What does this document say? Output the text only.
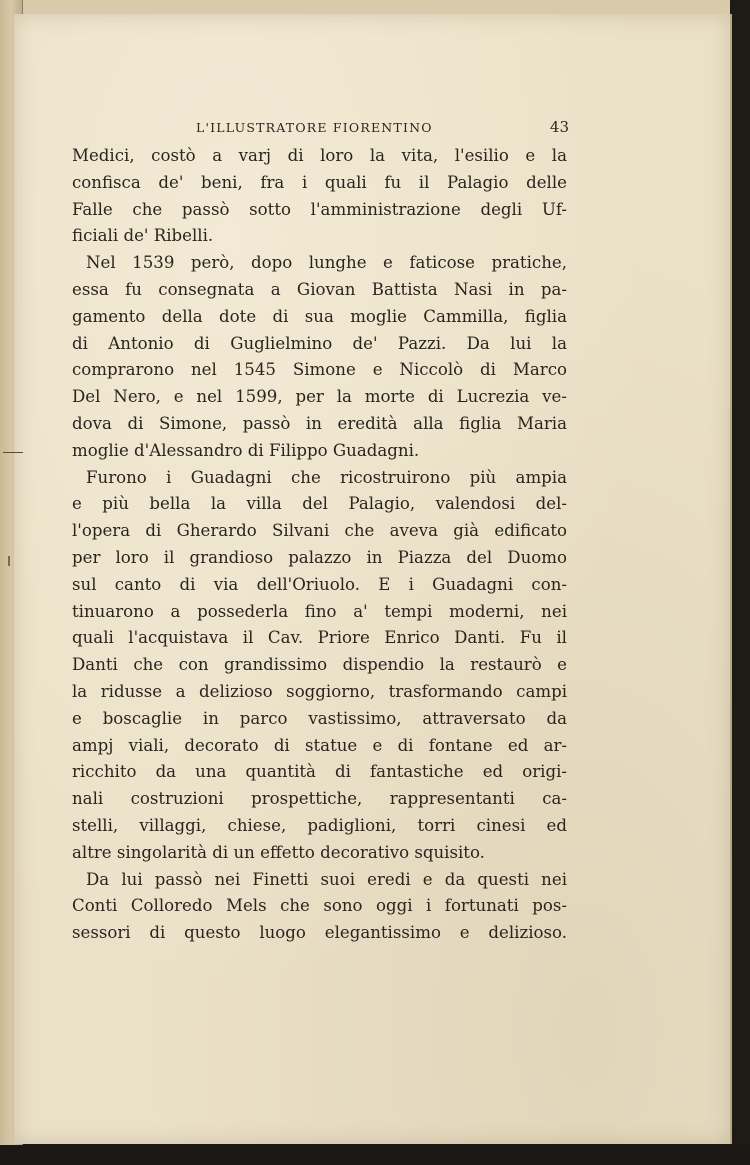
L'ILLUSTRATORE FIORENTINO	43
Medici, costò a varj di loro la vita, l'esilio e la
confisca de' beni, fra i quali fu il Palagio delle
Falle che passò sotto l'amministrazione degli Uf-
ficiali de' Ribelli.
Nel 1539 però, dopo lunghe e faticose pratiche,
essa fu consegnata a Giovan Battista Nasi in pa-
gamento della dote di sua moglie Cammilla, figlia
di Antonio di Guglielmino de' Pazzi. Da lui la
comprarono nel 1545 Simone e Niccolò di Marco
Del Nero, e nel 1599, per la morte di Lucrezia ve-
dova di Simone, passò in eredità alla figlia Maria
moglie d'Alessandro di Filippo Guadagni.
Furono i Guadagni che ricostruirono più ampia
e più bella la villa del Palagio, valendosi del-
l'opera di Gherardo Silvani che aveva già edificato
per loro il grandioso palazzo in Piazza del Duomo
sul canto di via dell'Oriuolo. E i Guadagni con-
tinuarono a possederla fino a' tempi moderni, nei
quali l'acquistava il Cav. Priore Enrico Danti. Fu il
Danti che con grandissimo dispendio la restaurò e
la ridusse a delizioso soggiorno, trasformando campi
e boscaglie in parco vastissimo, attraversato da
ampj viali, decorato di statue e di fontane ed ar-
ricchito da una quantità di fantastiche ed origi-
nali costruzioni prospettiche, rappresentanti ca-
stelli, villaggi, chiese, padiglioni, torri cinesi ed
altre singolarità di un effetto decorativo squisito.
Da lui passò nei Finetti suoi eredi e da questi nei
Conti Colloredo Mels che sono oggi i fortunati pos-
sessori di questo luogo elegantissimo e delizioso.
